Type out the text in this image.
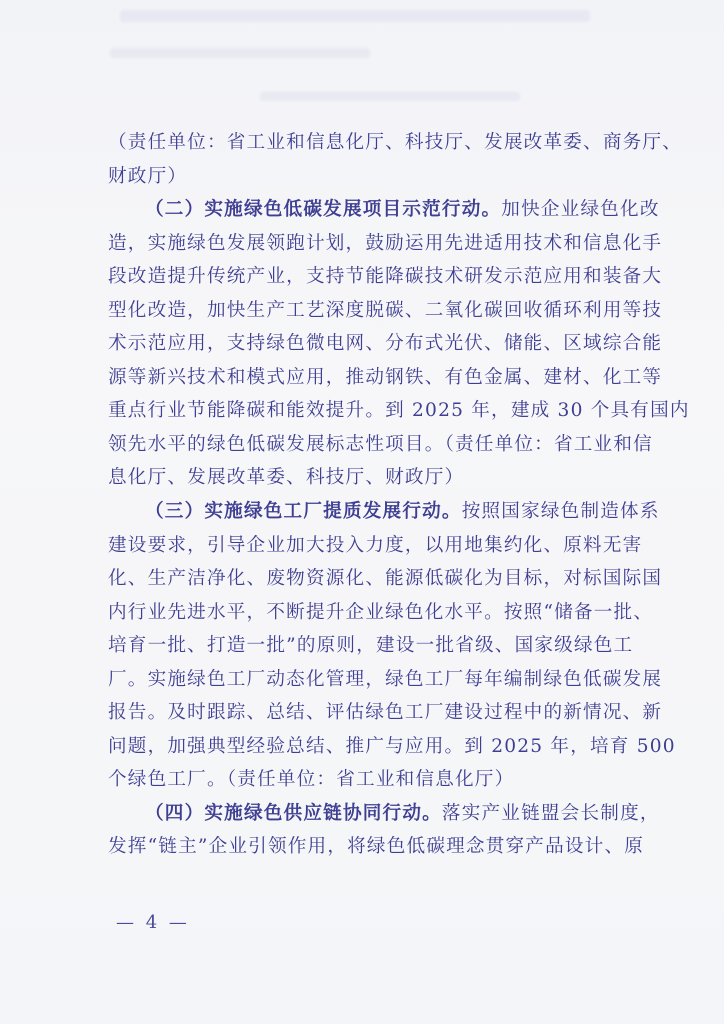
（责任单位：省工业和信息化厅、科技厅、发展改革委、商务厅、
财政厅）
（二）实施绿色低碳发展项目示范行动。加快企业绿色化改
造，实施绿色发展领跑计划，鼓励运用先进适用技术和信息化手
段改造提升传统产业，支持节能降碳技术研发示范应用和装备大
型化改造，加快生产工艺深度脱碳、二氧化碳回收循环利用等技
术示范应用，支持绿色微电网、分布式光伏、储能、区域综合能
源等新兴技术和模式应用，推动钢铁、有色金属、建材、化工等
重点行业节能降碳和能效提升。到 2025 年，建成 30 个具有国内
领先水平的绿色低碳发展标志性项目。（责任单位：省工业和信
息化厅、发展改革委、科技厅、财政厅）
（三）实施绿色工厂提质发展行动。按照国家绿色制造体系
建设要求，引导企业加大投入力度，以用地集约化、原料无害
化、生产洁净化、废物资源化、能源低碳化为目标，对标国际国
内行业先进水平，不断提升企业绿色化水平。按照“储备一批、
培育一批、打造一批”的原则，建设一批省级、国家级绿色工
厂。实施绿色工厂动态化管理，绿色工厂每年编制绿色低碳发展
报告。及时跟踪、总结、评估绿色工厂建设过程中的新情况、新
问题，加强典型经验总结、推广与应用。到 2025 年，培育 500
个绿色工厂。（责任单位：省工业和信息化厅）
（四）实施绿色供应链协同行动。落实产业链盟会长制度，
发挥“链主”企业引领作用，将绿色低碳理念贯穿产品设计、原
— 4 —
